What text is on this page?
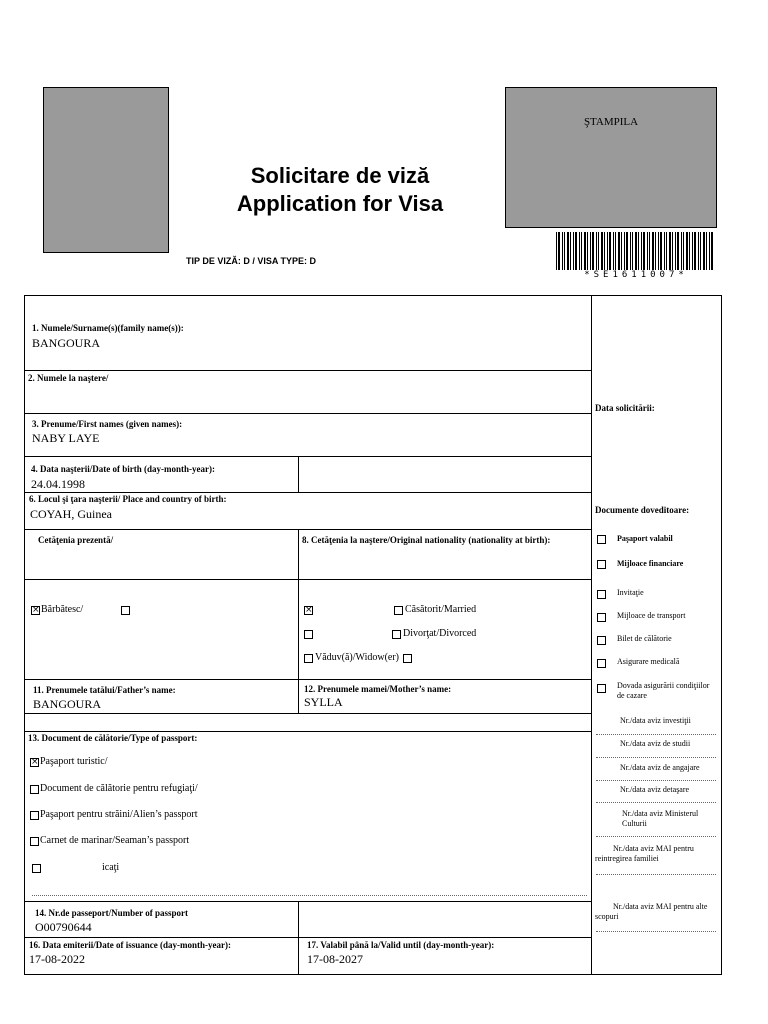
ŞTAMPILA
Solicitare de viză
Application for Visa
TIP DE VIZĂ: D / VISA TYPE: D
*SE1611007*
1. Numele/Surname(s)(family name(s)):
BANGOURA
2. Numele la naştere/
3. Prenume/First names (given names):
NABY LAYE
4. Data naşterii/Date of birth (day-month-year):
24.04.1998
6. Locul şi ţara naşterii/ Place and country of birth:
COYAH, Guinea
Cetăţenia prezentă/	8. Cetăţenia la naştere/Original nationality (nationality at birth):
× Bărbătesc/	×	Căsătorit/Married
Divorţat/Divorced
Văduv(ă)/Widow(er)
11. Prenumele tatălui/Father’s name:
BANGOURA
12. Prenumele mamei/Mother’s name:
SYLLA
13. Document de călătorie/Type of passport:
× Paşaport turistic/
Document de călătorie pentru refugiaţi/
Paşaport pentru străini/Alien’s passport
Carnet de marinar/Seaman’s passport
icaţi
14. Nr.de passeport/Number of passport
O00790644
16. Data emiterii/Date of issuance (day-month-year):
17-08-2022
17. Valabil până la/Valid until (day-month-year):
17-08-2027
Data solicitării:
Documente doveditoare:
Paşaport valabil
Mijloace financiare
Invitaţie
Mijloace de transport
Bilet de călătorie
Asigurare medicală
Dovada asigurării condiţiilor de cazare
Nr./data aviz investiţii
Nr./data aviz de studii
Nr./data aviz de angajare
Nr./data aviz detaşare
Nr./data aviz Ministerul Culturii
Nr./data aviz MAI pentru reintregirea familiei
Nr./data aviz MAI pentru alte scopuri
